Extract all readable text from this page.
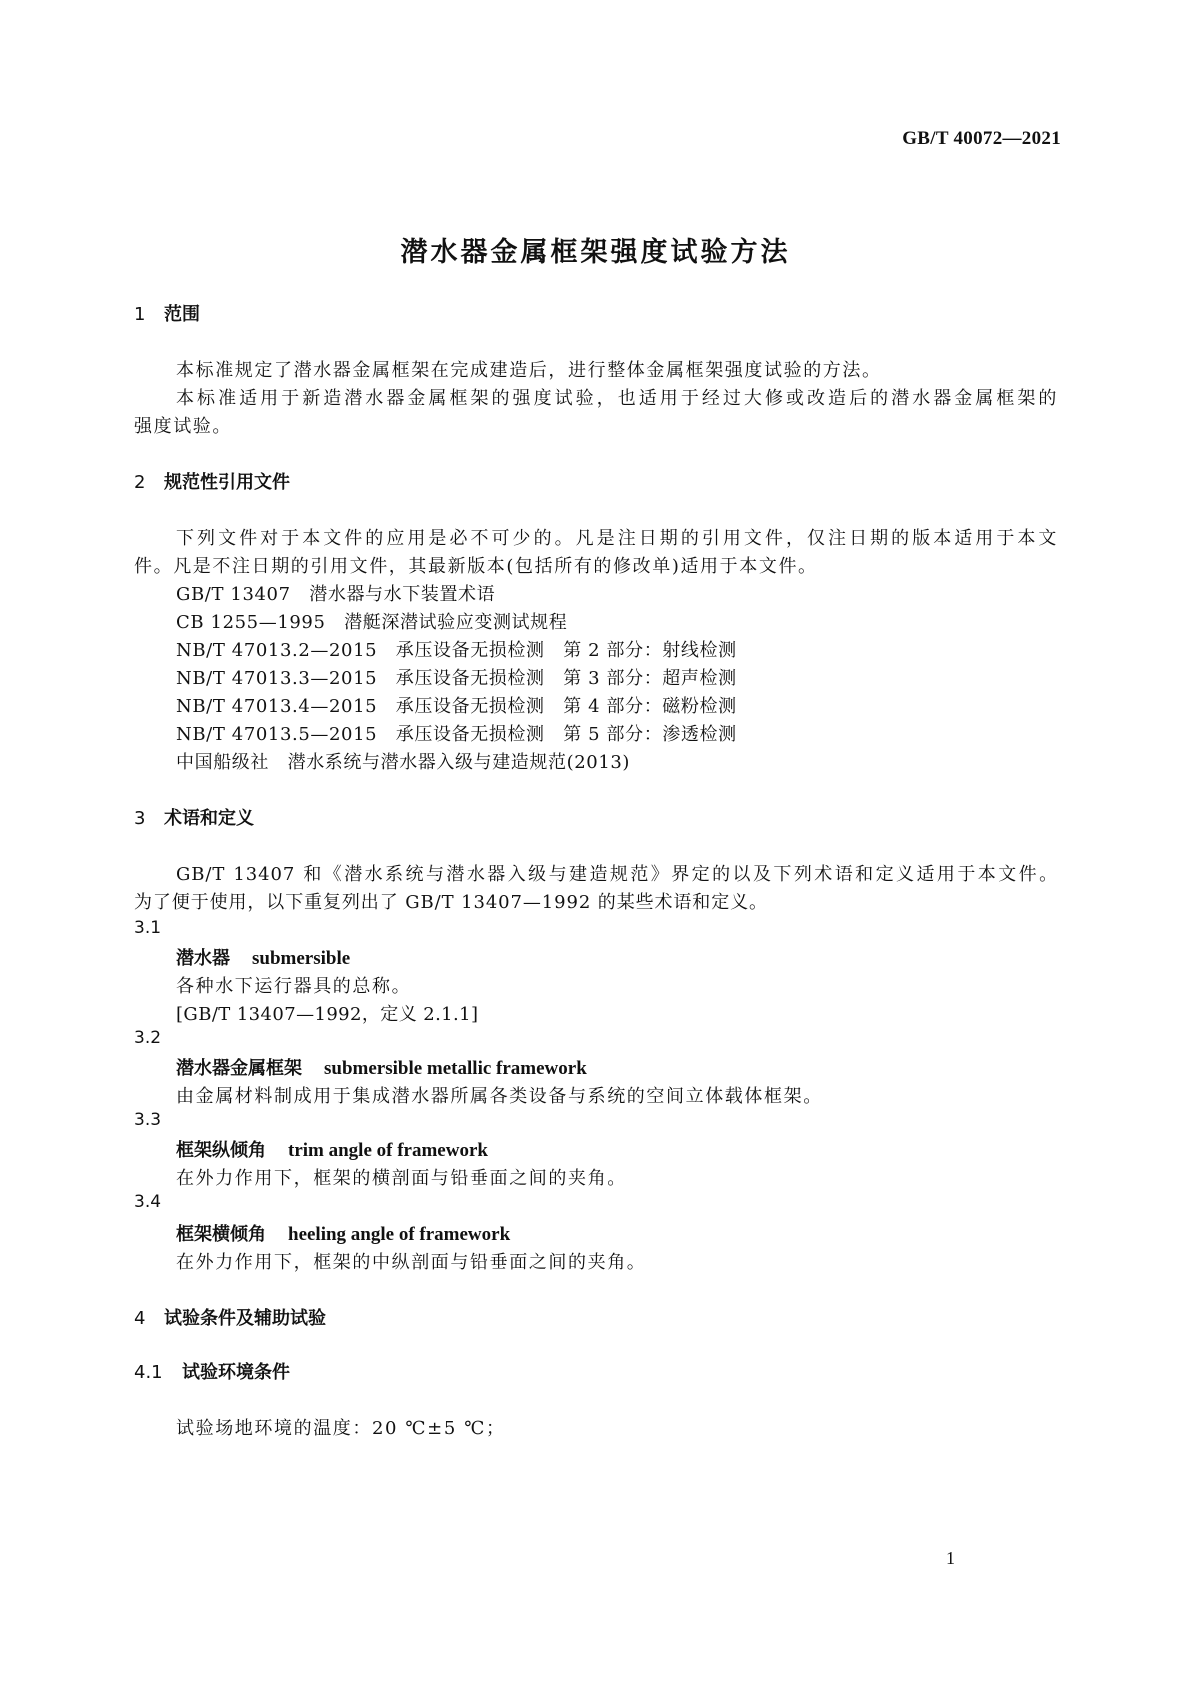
GB/T 40072—2021
潜水器金属框架强度试验方法
1 范围
本标准规定了潜水器金属框架在完成建造后，进行整体金属框架强度试验的方法。
本标准适用于新造潜水器金属框架的强度试验，也适用于经过大修或改造后的潜水器金属框架的
强度试验。
2 规范性引用文件
下列文件对于本文件的应用是必不可少的。凡是注日期的引用文件，仅注日期的版本适用于本文
件。凡是不注日期的引用文件，其最新版本(包括所有的修改单)适用于本文件。
GB/T 13407　潜水器与水下装置术语
CB 1255—1995　潜艇深潜试验应变测试规程
NB/T 47013.2—2015　承压设备无损检测　第 2 部分：射线检测
NB/T 47013.3—2015　承压设备无损检测　第 3 部分：超声检测
NB/T 47013.4—2015　承压设备无损检测　第 4 部分：磁粉检测
NB/T 47013.5—2015　承压设备无损检测　第 5 部分：渗透检测
中国船级社　潜水系统与潜水器入级与建造规范(2013)
3 术语和定义
GB/T 13407 和《潜水系统与潜水器入级与建造规范》界定的以及下列术语和定义适用于本文件。
为了便于使用，以下重复列出了 GB/T 13407—1992 的某些术语和定义。
3.1
潜水器 submersible
各种水下运行器具的总称。
[GB/T 13407—1992，定义 2.1.1]
3.2
潜水器金属框架 submersible metallic framework
由金属材料制成用于集成潜水器所属各类设备与系统的空间立体载体框架。
3.3
框架纵倾角 trim angle of framework
在外力作用下，框架的横剖面与铅垂面之间的夹角。
3.4
框架横倾角 heeling angle of framework
在外力作用下，框架的中纵剖面与铅垂面之间的夹角。
4 试验条件及辅助试验
4.1 试验环境条件
试验场地环境的温度：20 ℃±5 ℃；
1
